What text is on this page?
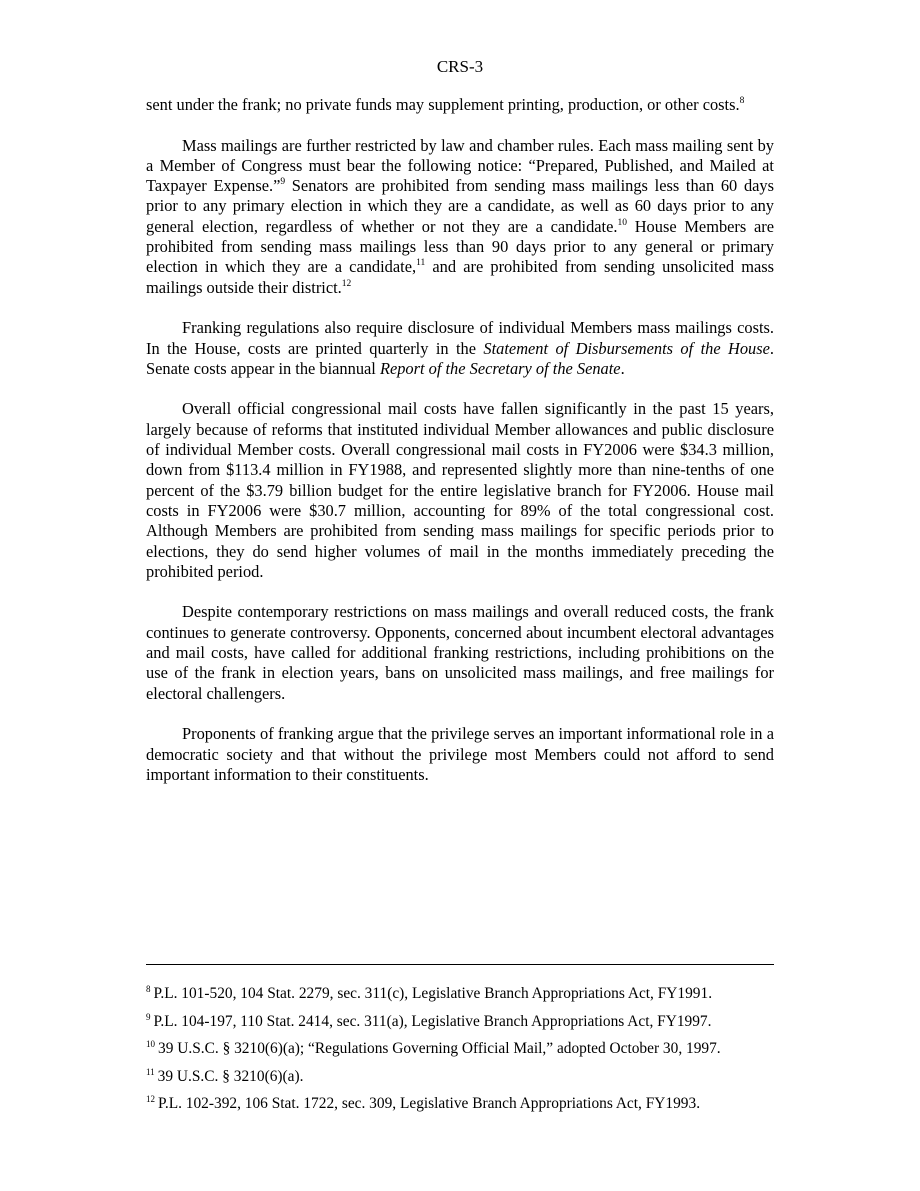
CRS-3

sent under the frank; no private funds may supplement printing, production, or other costs.$^8$

Mass mailings are further restricted by law and chamber rules. Each mass mailing sent by a Member of Congress must bear the following notice: “Prepared, Published, and Mailed at Taxpayer Expense.”$^9$ Senators are prohibited from sending mass mailings less than 60 days prior to any primary election in which they are a candidate, as well as 60 days prior to any general election, regardless of whether or not they are a candidate.$^{10}$ House Members are prohibited from sending mass mailings less than 90 days prior to any general or primary election in which they are a candidate,$^{11}$ and are prohibited from sending unsolicited mass mailings outside their district.$^{12}$

Franking regulations also require disclosure of individual Members mass mailings costs. In the House, costs are printed quarterly in the Statement of Disbursements of the House. Senate costs appear in the biannual Report of the Secretary of the Senate.

Overall official congressional mail costs have fallen significantly in the past 15 years, largely because of reforms that instituted individual Member allowances and public disclosure of individual Member costs. Overall congressional mail costs in FY2006 were $34.3 million, down from $113.4 million in FY1988, and represented slightly more than nine-tenths of one percent of the $3.79 billion budget for the entire legislative branch for FY2006. House mail costs in FY2006 were $30.7 million, accounting for 89% of the total congressional cost. Although Members are prohibited from sending mass mailings for specific periods prior to elections, they do send higher volumes of mail in the months immediately preceding the prohibited period.

Despite contemporary restrictions on mass mailings and overall reduced costs, the frank continues to generate controversy. Opponents, concerned about incumbent electoral advantages and mail costs, have called for additional franking restrictions, including prohibitions on the use of the frank in election years, bans on unsolicited mass mailings, and free mailings for electoral challengers.

Proponents of franking argue that the privilege serves an important informational role in a democratic society and that without the privilege most Members could not afford to send important information to their constituents.

$^8$ P.L. 101-520, 104 Stat. 2279, sec. 311(c), Legislative Branch Appropriations Act, FY1991.
$^9$ P.L. 104-197, 110 Stat. 2414, sec. 311(a), Legislative Branch Appropriations Act, FY1997.
$^{10}$ 39 U.S.C. § 3210(6)(a); “Regulations Governing Official Mail,” adopted October 30, 1997.
$^{11}$ 39 U.S.C. § 3210(6)(a).
$^{12}$ P.L. 102-392, 106 Stat. 1722, sec. 309, Legislative Branch Appropriations Act, FY1993.
